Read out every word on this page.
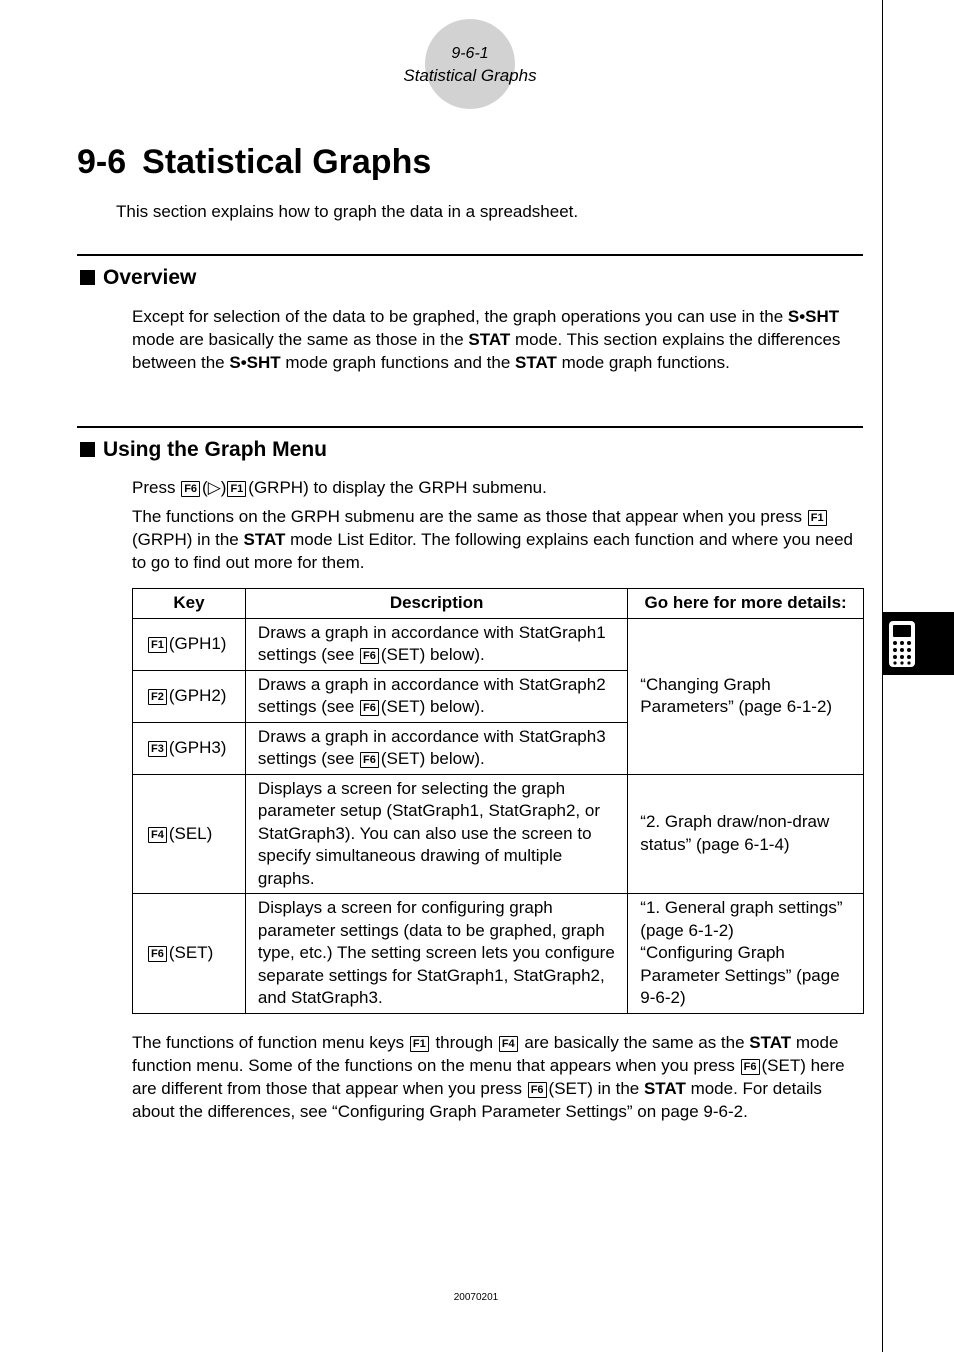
9-6-1
Statistical Graphs
9-6 Statistical Graphs
This section explains how to graph the data in a spreadsheet.
Overview
Except for selection of the data to be graphed, the graph operations you can use in the S•SHT mode are basically the same as those in the STAT mode. This section explains the differences between the S•SHT mode graph functions and the STAT mode graph functions.
Using the Graph Menu
Press F6 (▷) F1 (GRPH) to display the GRPH submenu.
The functions on the GRPH submenu are the same as those that appear when you press F1(GRPH) in the STAT mode List Editor. The following explains each function and where you need to go to find out more for them.
Key	Description	Go here for more details:
F1 (GPH1)	Draws a graph in accordance with StatGraph1 settings (see F6 (SET) below).	“Changing Graph Parameters” (page 6-1-2)
F2 (GPH2)	Draws a graph in accordance with StatGraph2 settings (see F6 (SET) below).	
F3 (GPH3)	Draws a graph in accordance with StatGraph3 settings (see F6 (SET) below).	
F4 (SEL)	Displays a screen for selecting the graph parameter setup (StatGraph1, StatGraph2, or StatGraph3). You can also use the screen to specify simultaneous drawing of multiple graphs.	“2. Graph draw/non-draw status” (page 6-1-4)
F6 (SET)	Displays a screen for configuring graph parameter settings (data to be graphed, graph type, etc.) The setting screen lets you configure separate settings for StatGraph1, StatGraph2, and StatGraph3.	“1. General graph settings” (page 6-1-2)
“Configuring Graph Parameter Settings” (page 9-6-2)
The functions of function menu keys F1 through F4 are basically the same as the STAT mode function menu. Some of the functions on the menu that appears when you press F6 (SET) here are different from those that appear when you press F6 (SET) in the STAT mode. For details about the differences, see “Configuring Graph Parameter Settings” on page 9-6-2.
20070201
